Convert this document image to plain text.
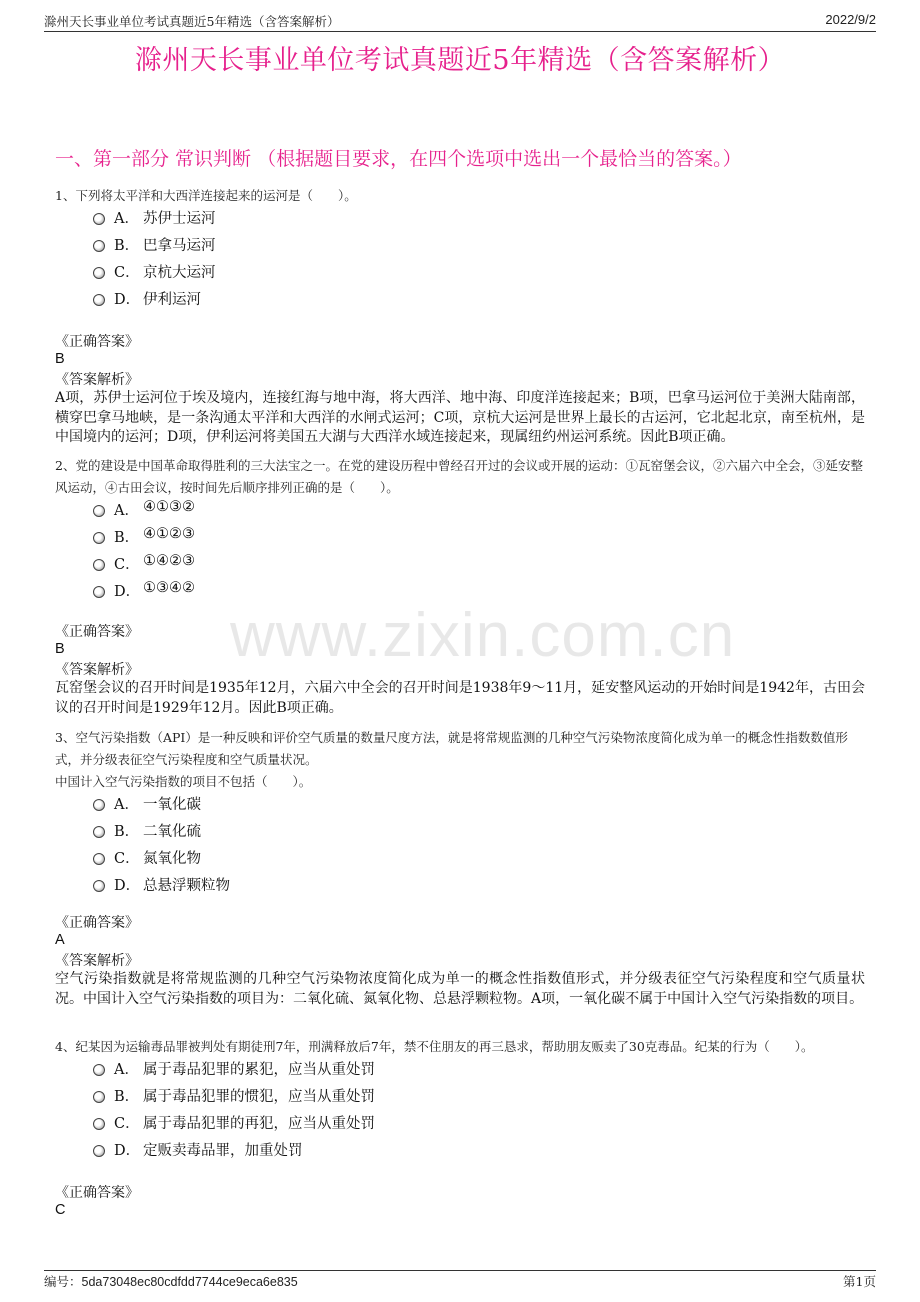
滁州天长事业单位考试真题近5年精选（含答案解析）	2022/9/2
滁州天长事业单位考试真题近5年精选（含答案解析）
一、第一部分 常识判断 （根据题目要求，在四个选项中选出一个最恰当的答案。）
www.zixin.com.cn
1、下列将太平洋和大西洋连接起来的运河是（　　）。
A． 苏伊士运河
B． 巴拿马运河
C． 京杭大运河
D． 伊利运河
《正确答案》
B
《答案解析》
A项，苏伊士运河位于埃及境内，连接红海与地中海，将大西洋、地中海、印度洋连接起来；B项，巴拿马运河位于美洲大陆南部，横穿巴拿马地峡，是一条沟通太平洋和大西洋的水闸式运河；C项，京杭大运河是世界上最长的古运河，它北起北京，南至杭州，是中国境内的运河；D项，伊利运河将美国五大湖与大西洋水域连接起来，现属纽约州运河系统。因此B项正确。
2、党的建设是中国革命取得胜利的三大法宝之一。在党的建设历程中曾经召开过的会议或开展的运动：①瓦窑堡会议，②六届六中全会，③延安整风运动，④古田会议，按时间先后顺序排列正确的是（　　）。
A． ④①③②
B． ④①②③
C． ①④②③
D． ①③④②
《正确答案》
B
《答案解析》
瓦窑堡会议的召开时间是1935年12月，六届六中全会的召开时间是1938年9～11月，延安整风运动的开始时间是1942年，古田会议的召开时间是1929年12月。因此B项正确。
3、空气污染指数（API）是一种反映和评价空气质量的数量尺度方法，就是将常规监测的几种空气污染物浓度简化成为单一的概念性指数数值形式，并分级表征空气污染程度和空气质量状况。
中国计入空气污染指数的项目不包括（　　）。
A． 一氧化碳
B． 二氧化硫
C． 氮氧化物
D． 总悬浮颗粒物
《正确答案》
A
《答案解析》
空气污染指数就是将常规监测的几种空气污染物浓度简化成为单一的概念性指数值形式，并分级表征空气污染程度和空气质量状况。中国计入空气污染指数的项目为：二氧化硫、氮氧化物、总悬浮颗粒物。A项，一氧化碳不属于中国计入空气污染指数的项目。
4、纪某因为运输毒品罪被判处有期徒刑7年，刑满释放后7年，禁不住朋友的再三恳求，帮助朋友贩卖了30克毒品。纪某的行为（　　）。
A． 属于毒品犯罪的累犯，应当从重处罚
B． 属于毒品犯罪的惯犯，应当从重处罚
C． 属于毒品犯罪的再犯，应当从重处罚
D． 定贩卖毒品罪，加重处罚
《正确答案》
C
编号：5da73048ec80cdfdd7744ce9eca6e835	第1页
